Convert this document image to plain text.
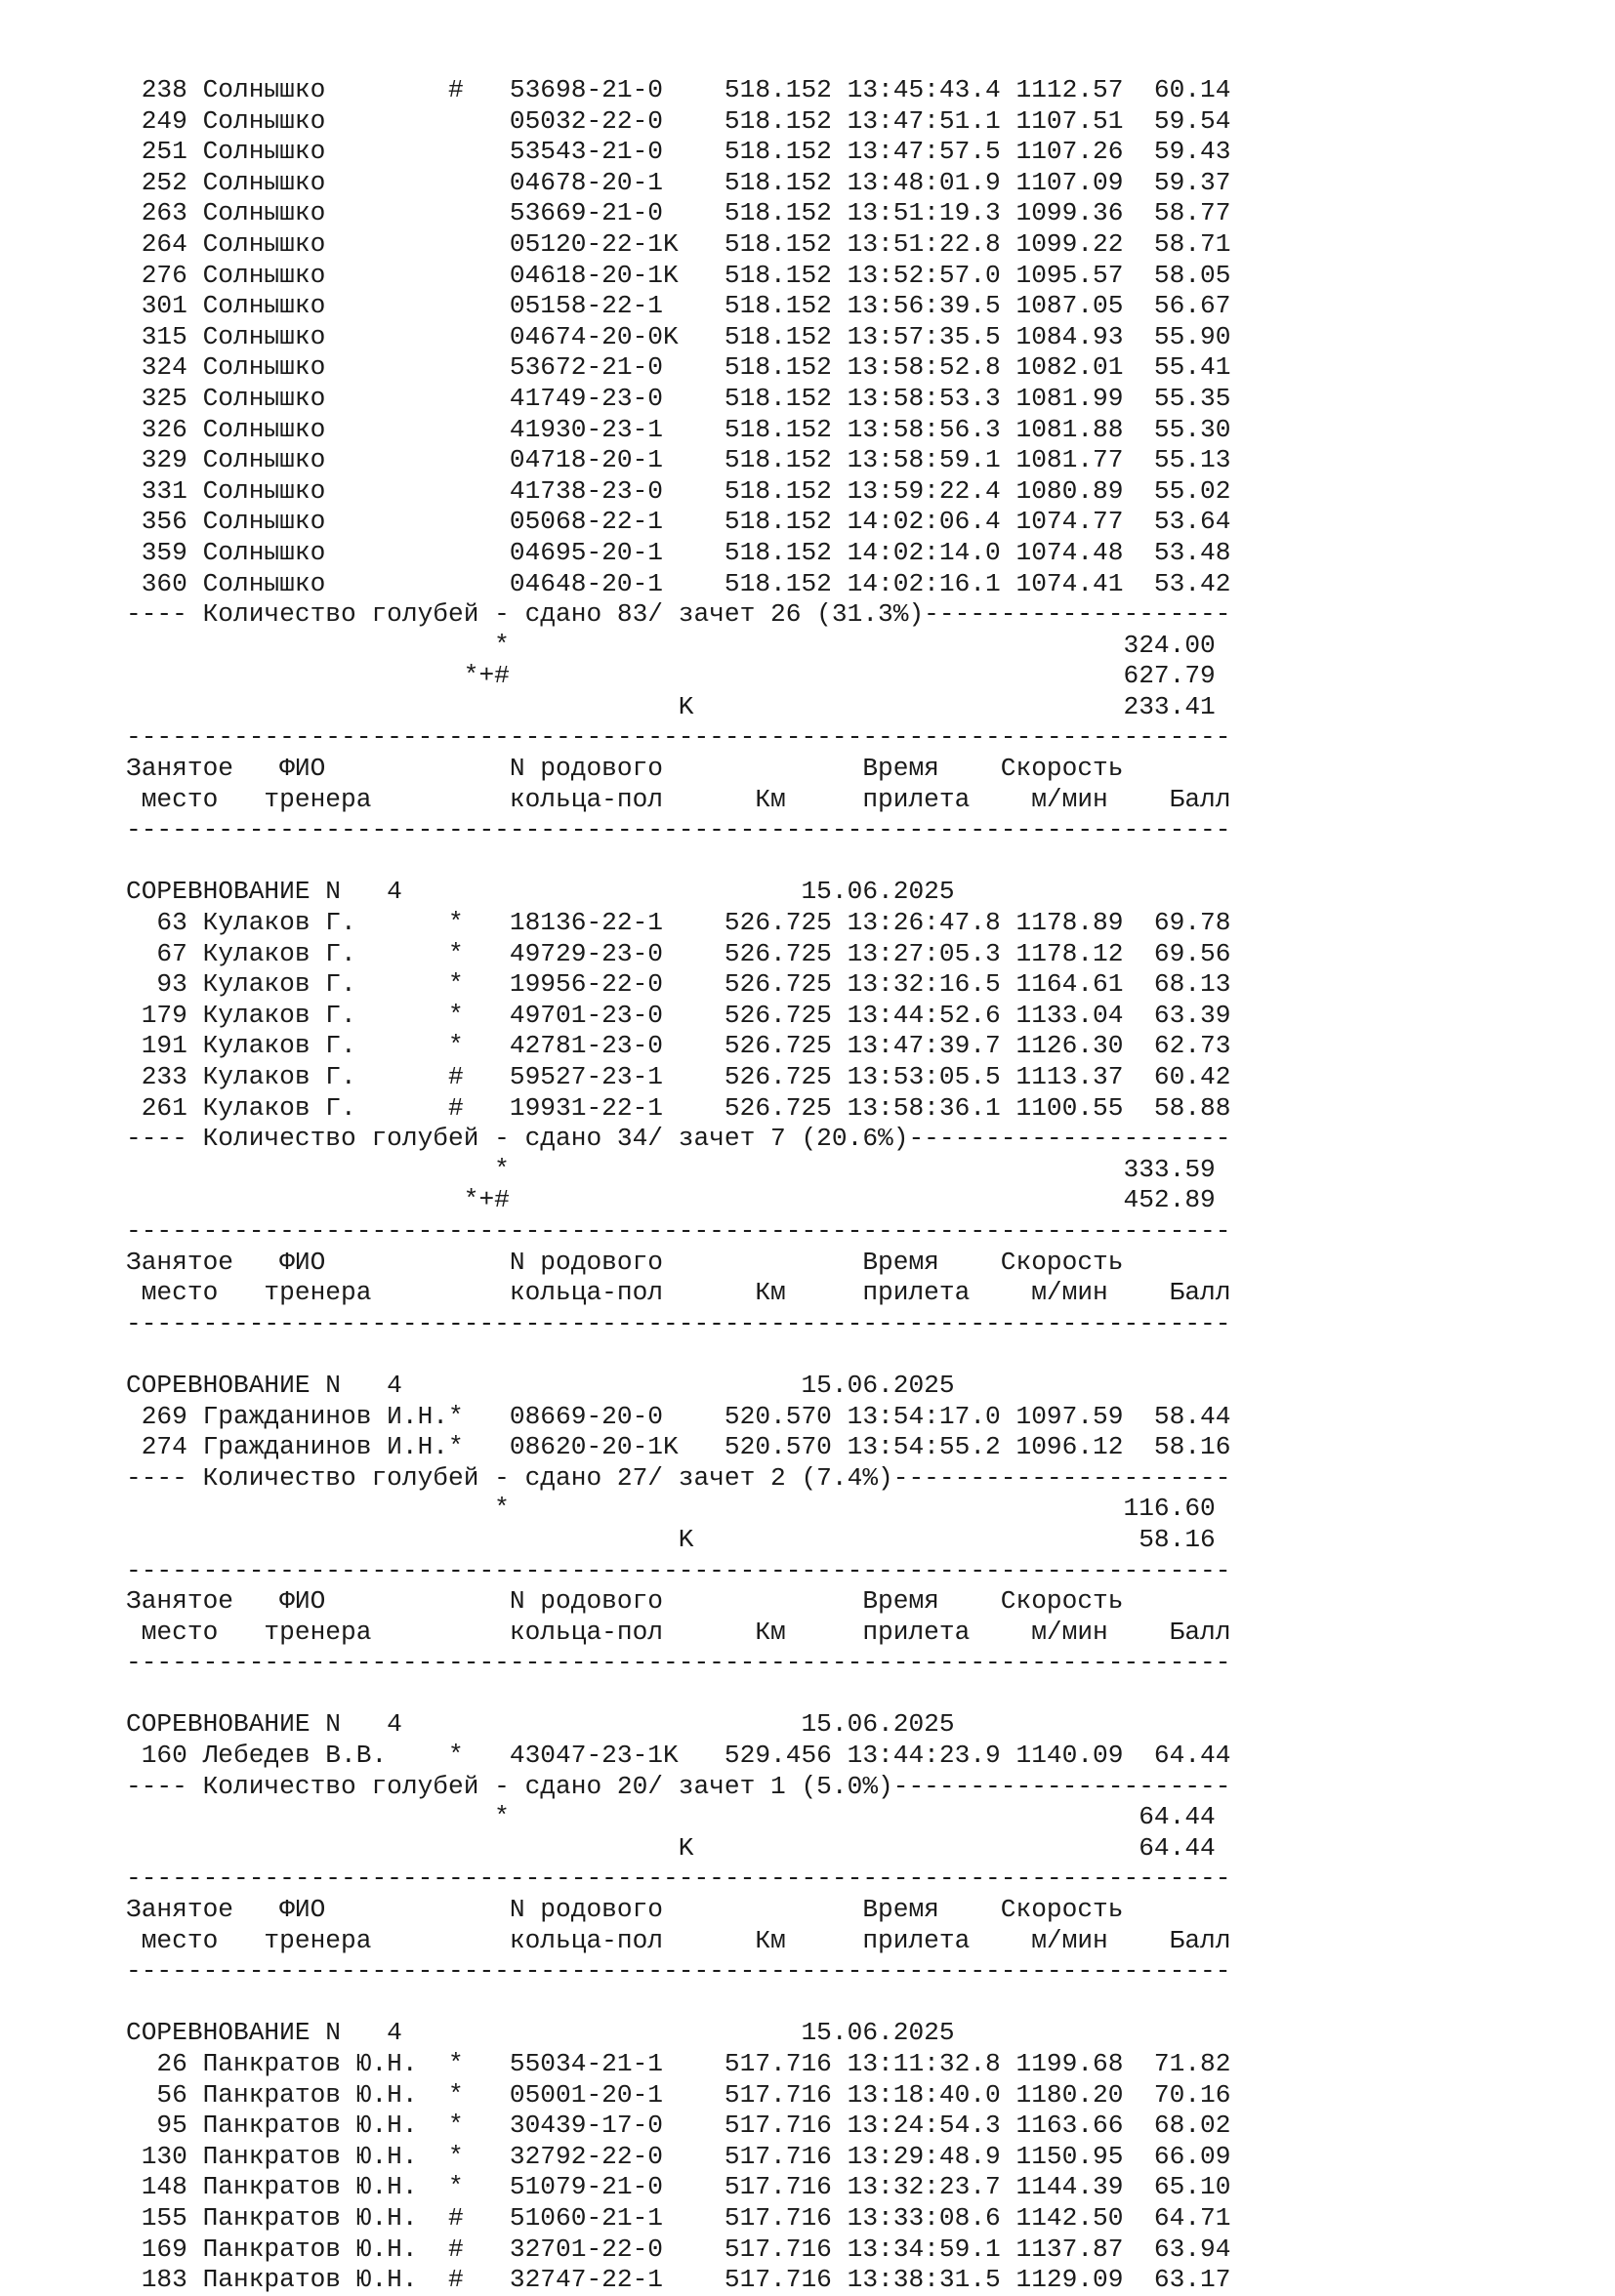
238 Солнышко        #   53698-21-0    518.152 13:45:43.4 1112.57  60.14
249 Солнышко            05032-22-0    518.152 13:47:51.1 1107.51  59.54
251 Солнышко            53543-21-0    518.152 13:47:57.5 1107.26  59.43
252 Солнышко            04678-20-1    518.152 13:48:01.9 1107.09  59.37
263 Солнышко            53669-21-0    518.152 13:51:19.3 1099.36  58.77
264 Солнышко            05120-22-1K   518.152 13:51:22.8 1099.22  58.71
276 Солнышко            04618-20-1K   518.152 13:52:57.0 1095.57  58.05
301 Солнышко            05158-22-1    518.152 13:56:39.5 1087.05  56.67
315 Солнышко            04674-20-0K   518.152 13:57:35.5 1084.93  55.90
324 Солнышко            53672-21-0    518.152 13:58:52.8 1082.01  55.41
325 Солнышко            41749-23-0    518.152 13:58:53.3 1081.99  55.35
326 Солнышко            41930-23-1    518.152 13:58:56.3 1081.88  55.30
329 Солнышко            04718-20-1    518.152 13:58:59.1 1081.77  55.13
331 Солнышко            41738-23-0    518.152 13:59:22.4 1080.89  55.02
356 Солнышко            05068-22-1    518.152 14:02:06.4 1074.77  53.64
359 Солнышко            04695-20-1    518.152 14:02:14.0 1074.48  53.48
360 Солнышко            04648-20-1    518.152 14:02:16.1 1074.41  53.42
---- Количество голубей - сдано 83/ зачет 26 (31.3%)--------------------
*                                        324.00
*+#                                        627.79
K                            233.41
------------------------------------------------------------------------
Занятое   ФИО            N родового             Время    Скорость
место   тренера         кольца-пол      Км     прилета    м/мин    Балл
------------------------------------------------------------------------
СОРЕВНОВАНИЕ N   4                          15.06.2025
63 Кулаков Г.      *   18136-22-1    526.725 13:26:47.8 1178.89  69.78
67 Кулаков Г.      *   49729-23-0    526.725 13:27:05.3 1178.12  69.56
93 Кулаков Г.      *   19956-22-0    526.725 13:32:16.5 1164.61  68.13
179 Кулаков Г.      *   49701-23-0    526.725 13:44:52.6 1133.04  63.39
191 Кулаков Г.      *   42781-23-0    526.725 13:47:39.7 1126.30  62.73
233 Кулаков Г.      #   59527-23-1    526.725 13:53:05.5 1113.37  60.42
261 Кулаков Г.      #   19931-22-1    526.725 13:58:36.1 1100.55  58.88
---- Количество голубей - сдано 34/ зачет 7 (20.6%)---------------------
*                                        333.59
*+#                                        452.89
------------------------------------------------------------------------
Занятое   ФИО            N родового             Время    Скорость
место   тренера         кольца-пол      Км     прилета    м/мин    Балл
------------------------------------------------------------------------
СОРЕВНОВАНИЕ N   4                          15.06.2025
269 Гражданинов И.Н.*   08669-20-0    520.570 13:54:17.0 1097.59  58.44
274 Гражданинов И.Н.*   08620-20-1K   520.570 13:54:55.2 1096.12  58.16
---- Количество голубей - сдано 27/ зачет 2 (7.4%)----------------------
*                                        116.60
K                             58.16
------------------------------------------------------------------------
Занятое   ФИО            N родового             Время    Скорость
место   тренера         кольца-пол      Км     прилета    м/мин    Балл
------------------------------------------------------------------------
СОРЕВНОВАНИЕ N   4                          15.06.2025
160 Лебедев В.В.    *   43047-23-1K   529.456 13:44:23.9 1140.09  64.44
---- Количество голубей - сдано 20/ зачет 1 (5.0%)----------------------
*                                         64.44
K                             64.44
------------------------------------------------------------------------
Занятое   ФИО            N родового             Время    Скорость
место   тренера         кольца-пол      Км     прилета    м/мин    Балл
------------------------------------------------------------------------
СОРЕВНОВАНИЕ N   4                          15.06.2025
26 Панкратов Ю.Н.  *   55034-21-1    517.716 13:11:32.8 1199.68  71.82
56 Панкратов Ю.Н.  *   05001-20-1    517.716 13:18:40.0 1180.20  70.16
95 Панкратов Ю.Н.  *   30439-17-0    517.716 13:24:54.3 1163.66  68.02
130 Панкратов Ю.Н.  *   32792-22-0    517.716 13:29:48.9 1150.95  66.09
148 Панкратов Ю.Н.  *   51079-21-0    517.716 13:32:23.7 1144.39  65.10
155 Панкратов Ю.Н.  #   51060-21-1    517.716 13:33:08.6 1142.50  64.71
169 Панкратов Ю.Н.  #   32701-22-0    517.716 13:34:59.1 1137.87  63.94
183 Панкратов Ю.Н.  #   32747-22-1    517.716 13:38:31.5 1129.09  63.17
